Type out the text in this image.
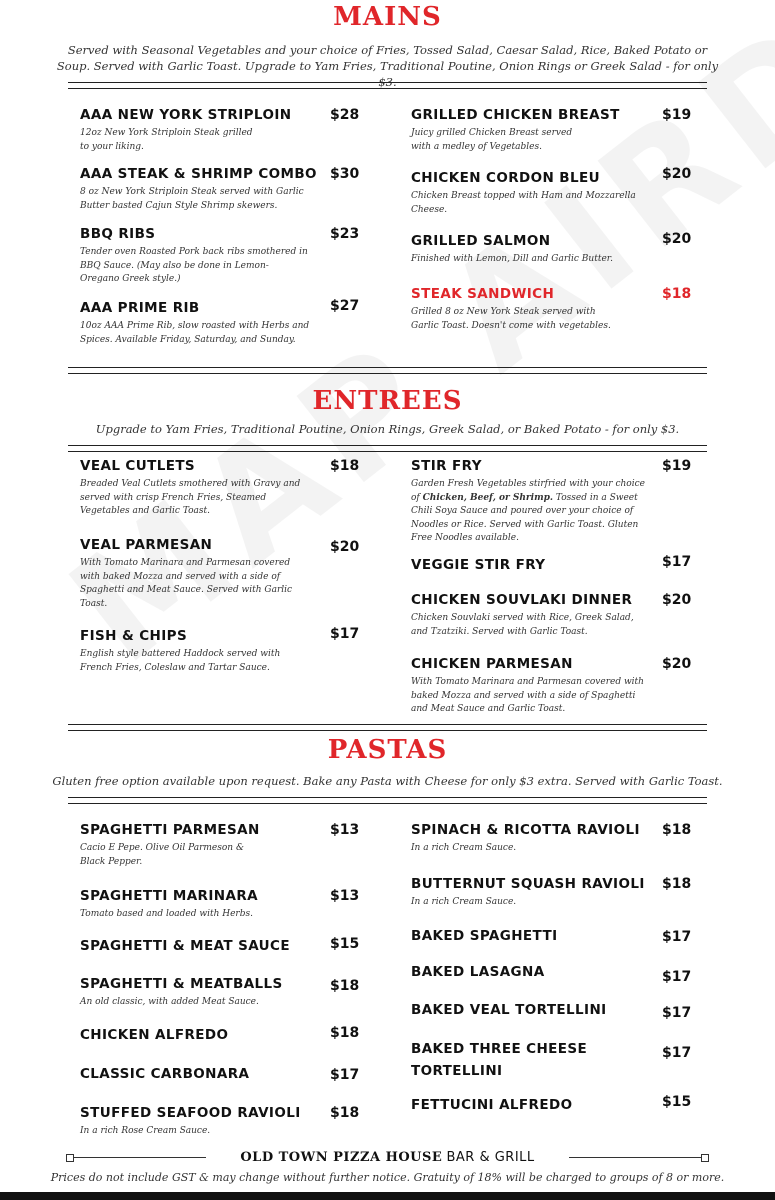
MAINS

Served with Seasonal Vegetables and your choice of Fries, Tossed Salad, Caesar Salad, Rice, Baked Potato or Soup. Served with Garlic Toast. Upgrade to Yam Fries, Traditional Poutine, Onion Rings or Greek Salad - for only $3.

AAA NEW YORK STRIPLOIN
12oz New York Striploin Steak grilled to your liking.
$28
AAA STEAK & SHRIMP COMBO
8 oz New York Striploin Steak served with Garlic Butter basted Cajun Style Shrimp skewers.
$30
BBQ RIBS
Tender oven Roasted Pork back ribs smothered in BBQ Sauce. (May also be done in Lemon- Oregano Greek style.)
$23
AAA PRIME RIB
10oz AAA Prime Rib, slow roasted with Herbs and Spices. Available Friday, Saturday, and Sunday.
$27
GRILLED CHICKEN BREAST
Juicy grilled Chicken Breast served with a medley of Vegetables.
$19
CHICKEN CORDON BLEU
Chicken Breast topped with Ham and Mozzarella Cheese.
$20
GRILLED SALMON
Finished with Lemon, Dill and Garlic Butter.
$20
STEAK SANDWICH
Grilled 8 oz New York Steak served with Garlic Toast. Doesn't come with vegetables.
$18
ENTREES

Upgrade to Yam Fries, Traditional Poutine, Onion Rings, Greek Salad, or Baked Potato - for only $3.

VEAL CUTLETS
Breaded Veal Cutlets smothered with Gravy and served with crisp French Fries, Steamed Vegetables and Garlic Toast.
$18
VEAL PARMESAN
With Tomato Marinara and Parmesan covered with baked Mozza and served with a side of Spaghetti and Meat Sauce. Served with Garlic Toast.
$20
FISH & CHIPS
English style battered Haddock served with French Fries, Coleslaw and Tartar Sauce.
$17
STIR FRY
Garden Fresh Vegetables stirfried with your choice of Chicken, Beef, or Shrimp. Tossed in a Sweet Chili Soya Sauce and poured over your choice of Noodles or Rice. Served with Garlic Toast. Gluten Free Noodles available.
$19
VEGGIE STIR FRY	$17
CHICKEN SOUVLAKI DINNER
Chicken Souvlaki served with Rice, Greek Salad, and Tzatziki. Served with Garlic Toast.
$20
CHICKEN PARMESAN
With Tomato Marinara and Parmesan covered with baked Mozza and served with a side of Spaghetti and Meat Sauce and Garlic Toast.
$20
PASTAS

Gluten free option available upon request. Bake any Pasta with Cheese for only $3 extra. Served with Garlic Toast.

SPAGHETTI PARMESAN
Cacio E Pepe. Olive Oil Parmeson & Black Pepper.
$13
SPAGHETTI MARINARA
Tomato based and loaded with Herbs.
$13
SPAGHETTI & MEAT SAUCE	$15
SPAGHETTI & MEATBALLS
An old classic, with added Meat Sauce.
$18
CHICKEN ALFREDO	$18
CLASSIC CARBONARA	$17
STUFFED SEAFOOD RAVIOLI
In a rich Rose Cream Sauce.
$18
SPINACH & RICOTTA RAVIOLI
In a rich Cream Sauce.
$18
BUTTERNUT SQUASH RAVIOLI
In a rich Cream Sauce.
$18
BAKED SPAGHETTI	$17
BAKED LASAGNA	$17
BAKED VEAL TORTELLINI	$17
BAKED THREE CHEESE TORTELLINI
$17
FETTUCINI ALFREDO	$15
OLD TOWN PIZZA HOUSE BAR & GRILL
Prices do not include GST & may change without further notice. Gratuity of 18% will be charged to groups of 8 or more.
